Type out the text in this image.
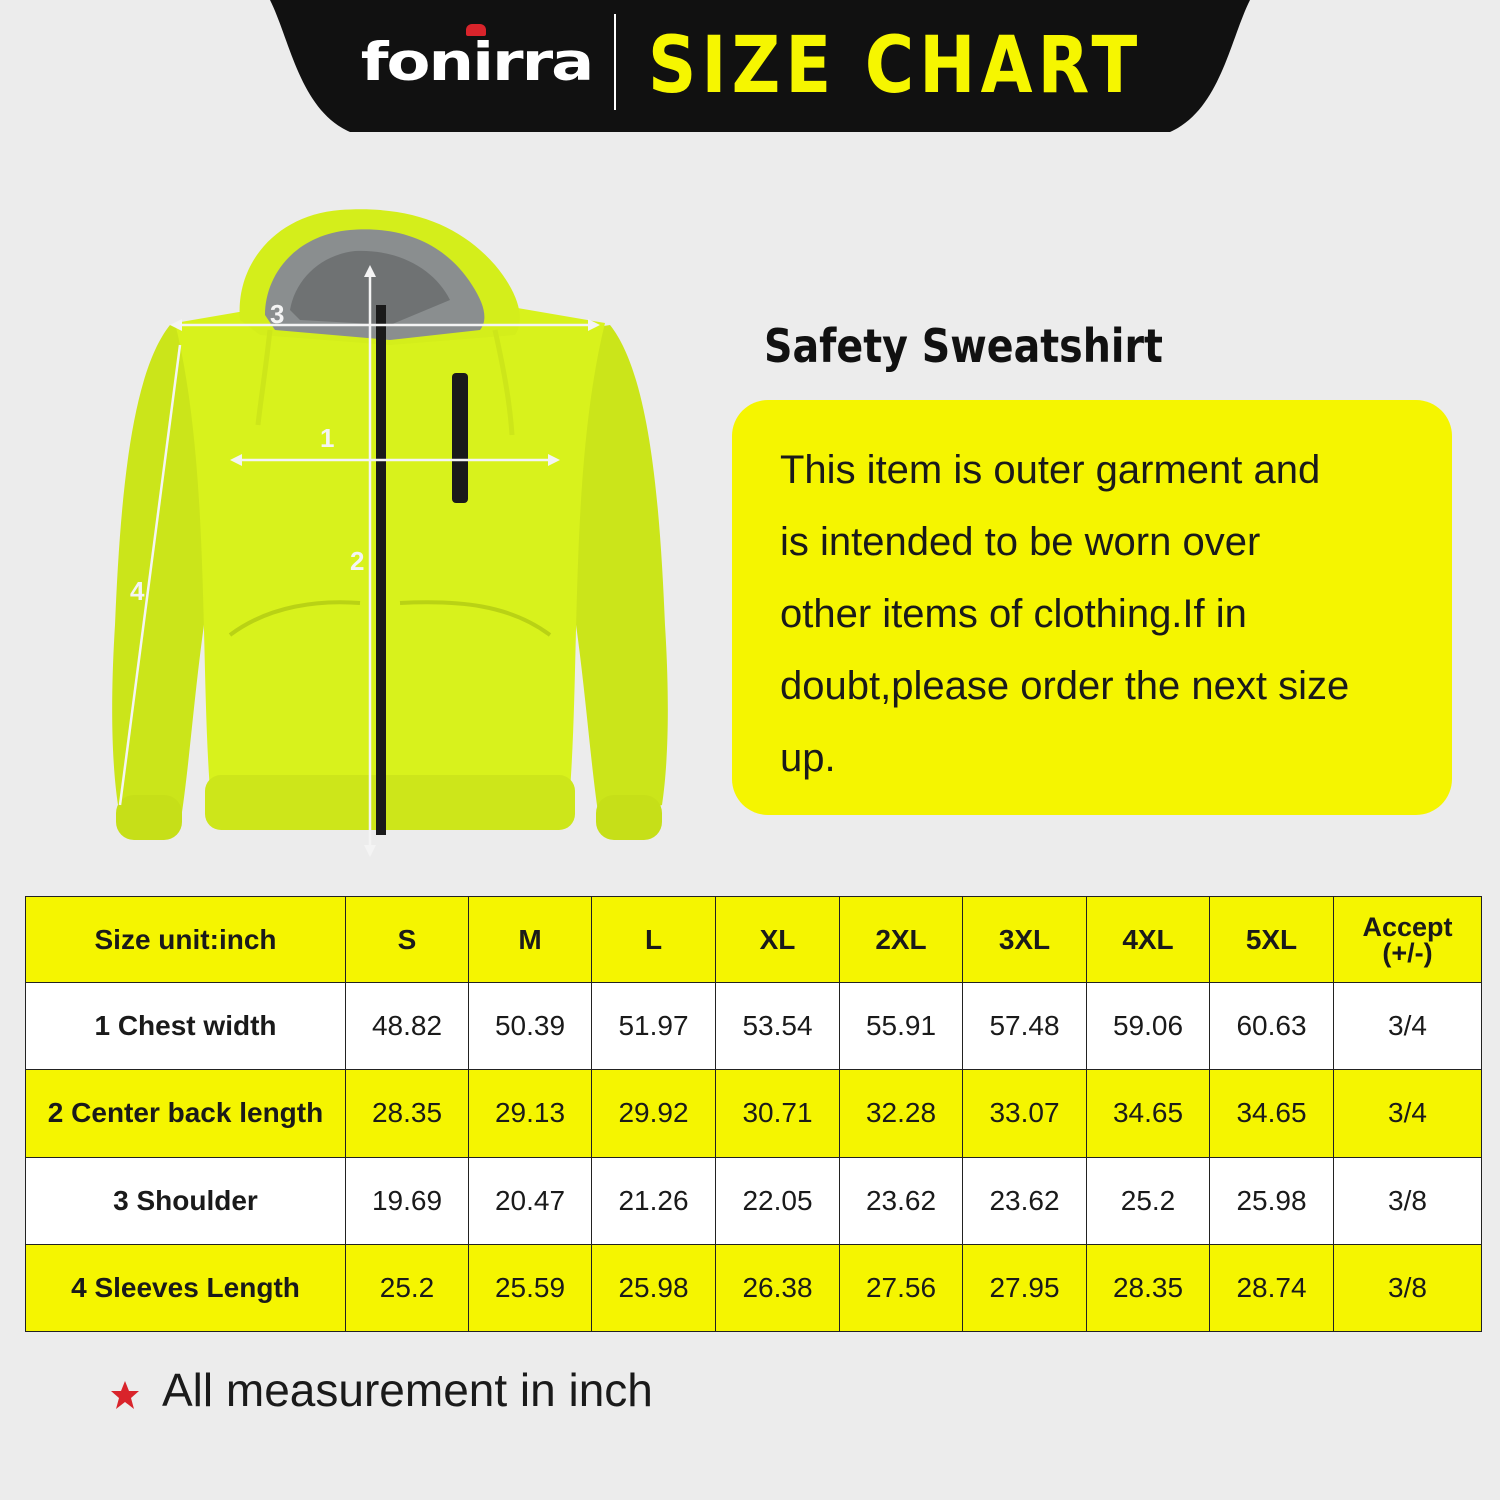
fonirra SIZE CHART
1
2
3
4
Safety Sweatshirt

This item is outer garment and

is intended to be worn over

other items of clothing.If in

doubt,please order the next size

up.

Size unit:inch	S	M	L	XL	2XL	3XL	4XL	5XL	Accept
(+/-)
1 Chest width	48.82	50.39	51.97	53.54	55.91	57.48	59.06	60.63	3/4
2 Center back length	28.35	29.13	29.92	30.71	32.28	33.07	34.65	34.65	3/4
3 Shoulder	19.69	20.47	21.26	22.05	23.62	23.62	25.2	25.98	3/8
4 Sleeves Length	25.2	25.59	25.98	26.38	27.56	27.95	28.35	28.74	3/8
All measurement in inch
